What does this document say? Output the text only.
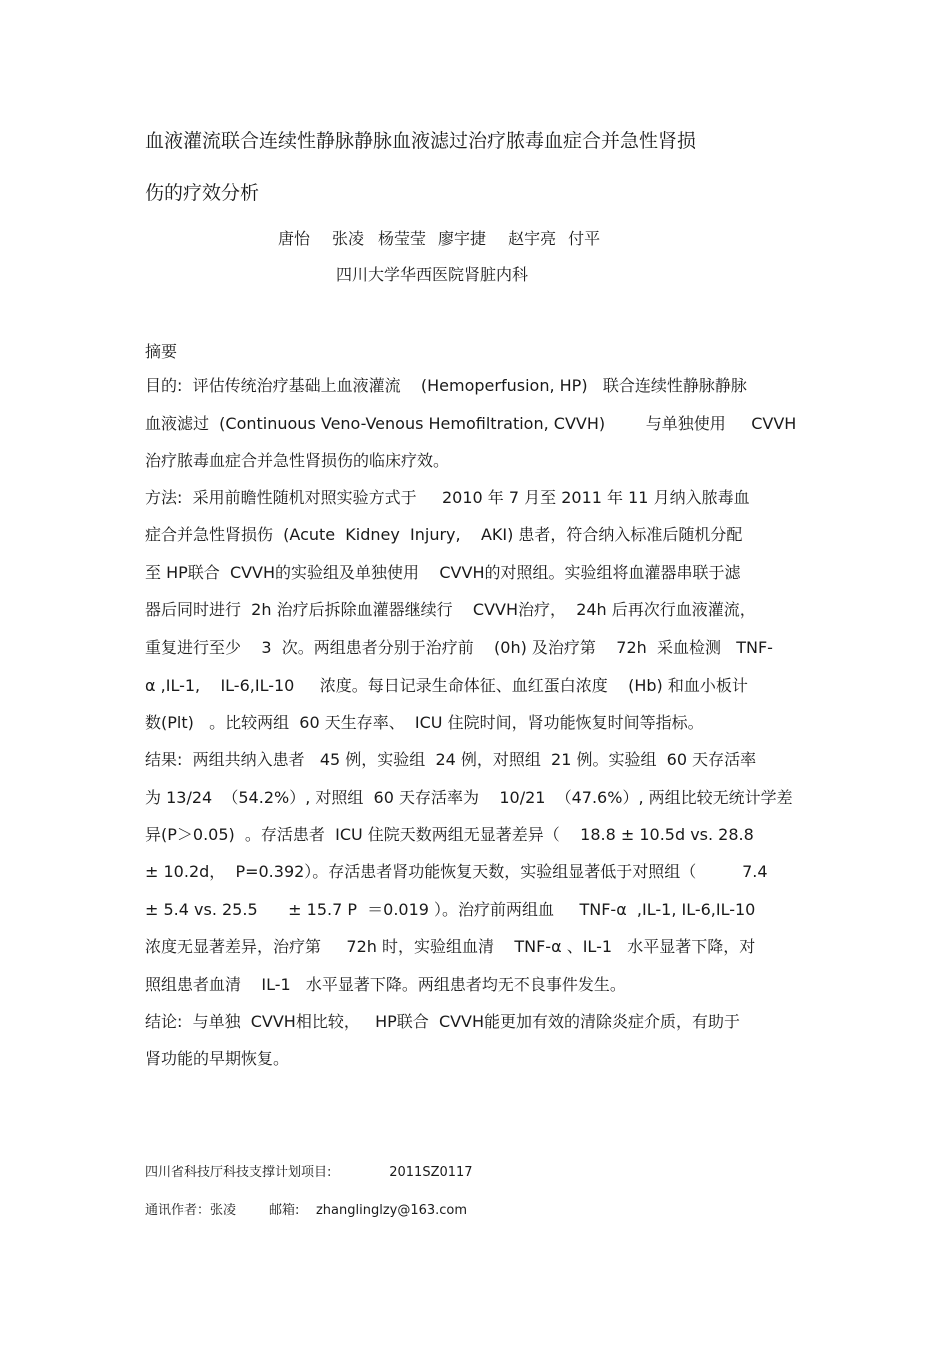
血液灌流联合连续性静脉静脉血液滤过治疗脓毒血症合并急性肾损
伤的疗效分析
唐怡 张凌 杨莹莹 廖宇捷 赵宇亮 付平
四川大学华西医院肾脏内科
摘要
目的:  评估传统治疗基础上血液灌流    (Hemoperfusion, HP)   联合连续性静脉静脉
血液滤过  (Continuous Veno-Venous Hemofiltration, CVVH)        与单独使用     CVVH
治疗脓毒血症合并急性肾损伤的临床疗效。
方法:  采用前瞻性随机对照实验方式于     2010 年 7 月至 2011 年 11 月纳入脓毒血
症合并急性肾损伤  (Acute  Kidney  Injury,    AKI) 患者，符合纳入标准后随机分配
至 HP联合  CVVH的实验组及单独使用    CVVH的对照组。实验组将血灌器串联于滤
器后同时进行  2h 治疗后拆除血灌器继续行    CVVH治疗，  24h 后再次行血液灌流，
重复进行至少    3  次。两组患者分别于治疗前    (0h) 及治疗第    72h  采血检测   TNF-
α ,IL-1,    IL-6,IL-10     浓度。每日记录生命体征、血红蛋白浓度    (Hb) 和血小板计
数(Plt)   。比较两组  60 天生存率、  ICU 住院时间，肾功能恢复时间等指标。
结果:  两组共纳入患者   45 例，实验组  24 例，对照组  21 例。实验组  60 天存活率
为 13/24  （54.2%）, 对照组  60 天存活率为    10/21  （47.6%）, 两组比较无统计学差
异(P＞0.05)  。存活患者  ICU 住院天数两组无显著差异（    18.8 ± 10.5d vs. 28.8
± 10.2d，  P=0.392）。存活患者肾功能恢复天数，实验组显著低于对照组（         7.4
± 5.4 vs. 25.5      ± 15.7 P  ＝0.019 ）。治疗前两组血     TNF-α  ,IL-1, IL-6,IL-10
浓度无显著差异，治疗第     72h 时，实验组血清    TNF-α 、IL-1   水平显著下降，对
照组患者血清    IL-1   水平显著下降。两组患者均无不良事件发生。
结论:  与单独  CVVH相比较，   HP联合  CVVH能更加有效的清除炎症介质，有助于
肾功能的早期恢复。
四川省科技厅科技支撑计划项目:              2011SZ0117
通讯作者：张凌        邮箱:    zhanglinglzy@163.com
